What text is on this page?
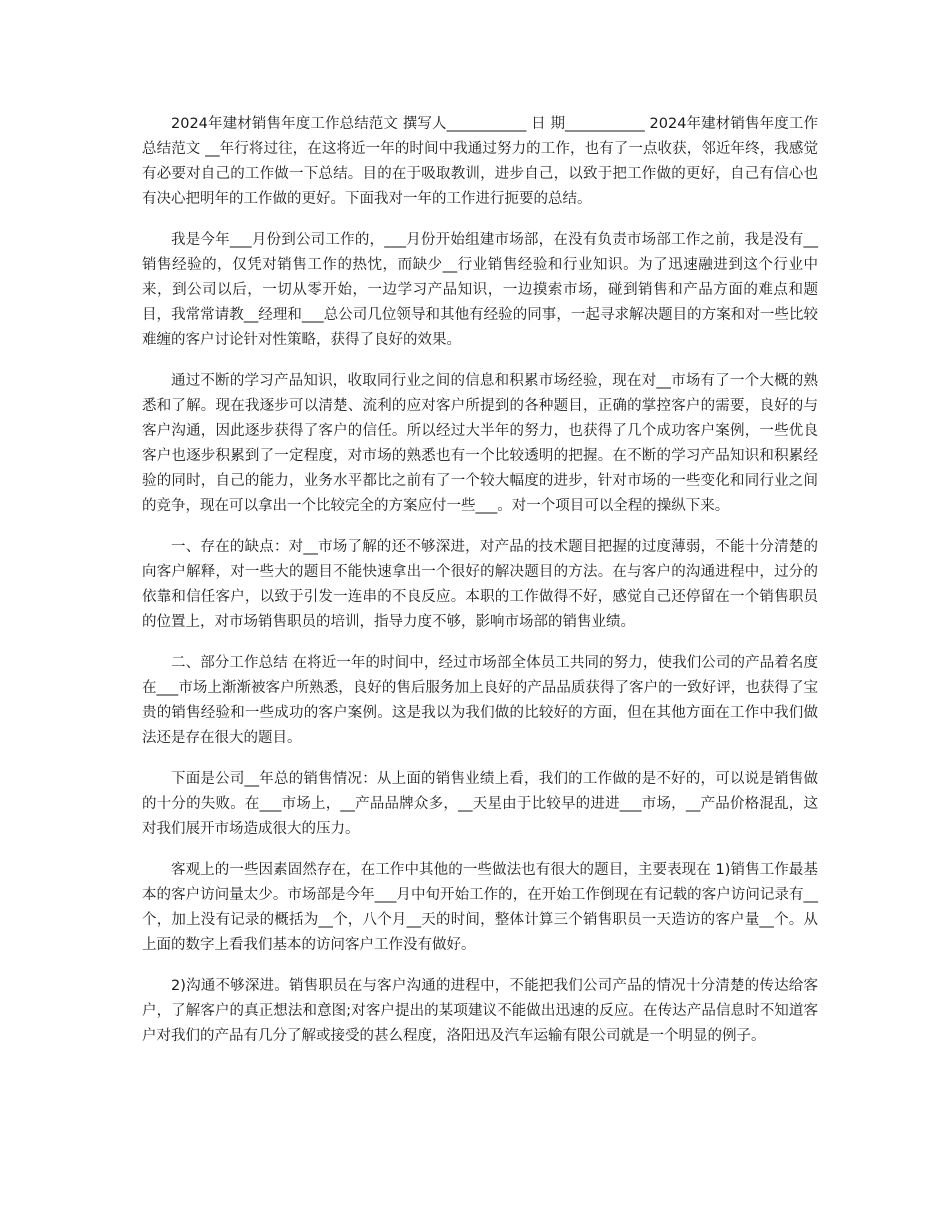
2024年建材销售年度工作总结范文 撰写人___________ 日 期___________ 2024年建材销售年度工作总结范文 __年行将过往，在这将近一年的时间中我通过努力的工作，也有了一点收获，邻近年终，我感觉有必要对自己的工作做一下总结。目的在于吸取教训，进步自己，以致于把工作做的更好，自己有信心也有决心把明年的工作做的更好。下面我对一年的工作进行扼要的总结。

我是今年___月份到公司工作的，___月份开始组建市场部，在没有负责市场部工作之前，我是没有__销售经验的，仅凭对销售工作的热忱，而缺少__行业销售经验和行业知识。为了迅速融进到这个行业中来，到公司以后，一切从零开始，一边学习产品知识，一边摸索市场，碰到销售和产品方面的难点和题目，我常常请教__经理和___总公司几位领导和其他有经验的同事，一起寻求解决题目的方案和对一些比较难缠的客户讨论针对性策略，获得了良好的效果。

通过不断的学习产品知识，收取同行业之间的信息和积累市场经验，现在对__市场有了一个大概的熟悉和了解。现在我逐步可以清楚、流利的应对客户所提到的各种题目，正确的掌控客户的需要，良好的与客户沟通，因此逐步获得了客户的信任。所以经过大半年的努力，也获得了几个成功客户案例，一些优良客户也逐步积累到了一定程度，对市场的熟悉也有一个比较透明的把握。在不断的学习产品知识和积累经验的同时，自己的能力，业务水平都比之前有了一个较大幅度的进步，针对市场的一些变化和同行业之间的竞争，现在可以拿出一个比较完全的方案应付一些___。对一个项目可以全程的操纵下来。

一、存在的缺点：对__市场了解的还不够深进，对产品的技术题目把握的过度薄弱，不能十分清楚的向客户解释，对一些大的题目不能快速拿出一个很好的解决题目的方法。在与客户的沟通进程中，过分的依靠和信任客户，以致于引发一连串的不良反应。本职的工作做得不好，感觉自己还停留在一个销售职员的位置上，对市场销售职员的培训，指导力度不够，影响市场部的销售业绩。

二、部分工作总结 在将近一年的时间中，经过市场部全体员工共同的努力，使我们公司的产品着名度在___市场上渐渐被客户所熟悉，良好的售后服务加上良好的产品品质获得了客户的一致好评，也获得了宝贵的销售经验和一些成功的客户案例。这是我以为我们做的比较好的方面，但在其他方面在工作中我们做法还是存在很大的题目。

下面是公司__年总的销售情况：从上面的销售业绩上看，我们的工作做的是不好的，可以说是销售做的十分的失败。在___市场上，__产品品牌众多，__天星由于比较早的进进___市场，__产品价格混乱，这对我们展开市场造成很大的压力。

客观上的一些因素固然存在，在工作中其他的一些做法也有很大的题目，主要表现在 1)销售工作最基本的客户访问量太少。市场部是今年___月中旬开始工作的，在开始工作倒现在有记载的客户访问记录有__个，加上没有记录的概括为__个，八个月__天的时间，整体计算三个销售职员一天造访的客户量__个。从上面的数字上看我们基本的访问客户工作没有做好。

2)沟通不够深进。销售职员在与客户沟通的进程中，不能把我们公司产品的情况十分清楚的传达给客户，了解客户的真正想法和意图;对客户提出的某项建议不能做出迅速的反应。在传达产品信息时不知道客户对我们的产品有几分了解或接受的甚么程度，洛阳迅及汽车运输有限公司就是一个明显的例子。
